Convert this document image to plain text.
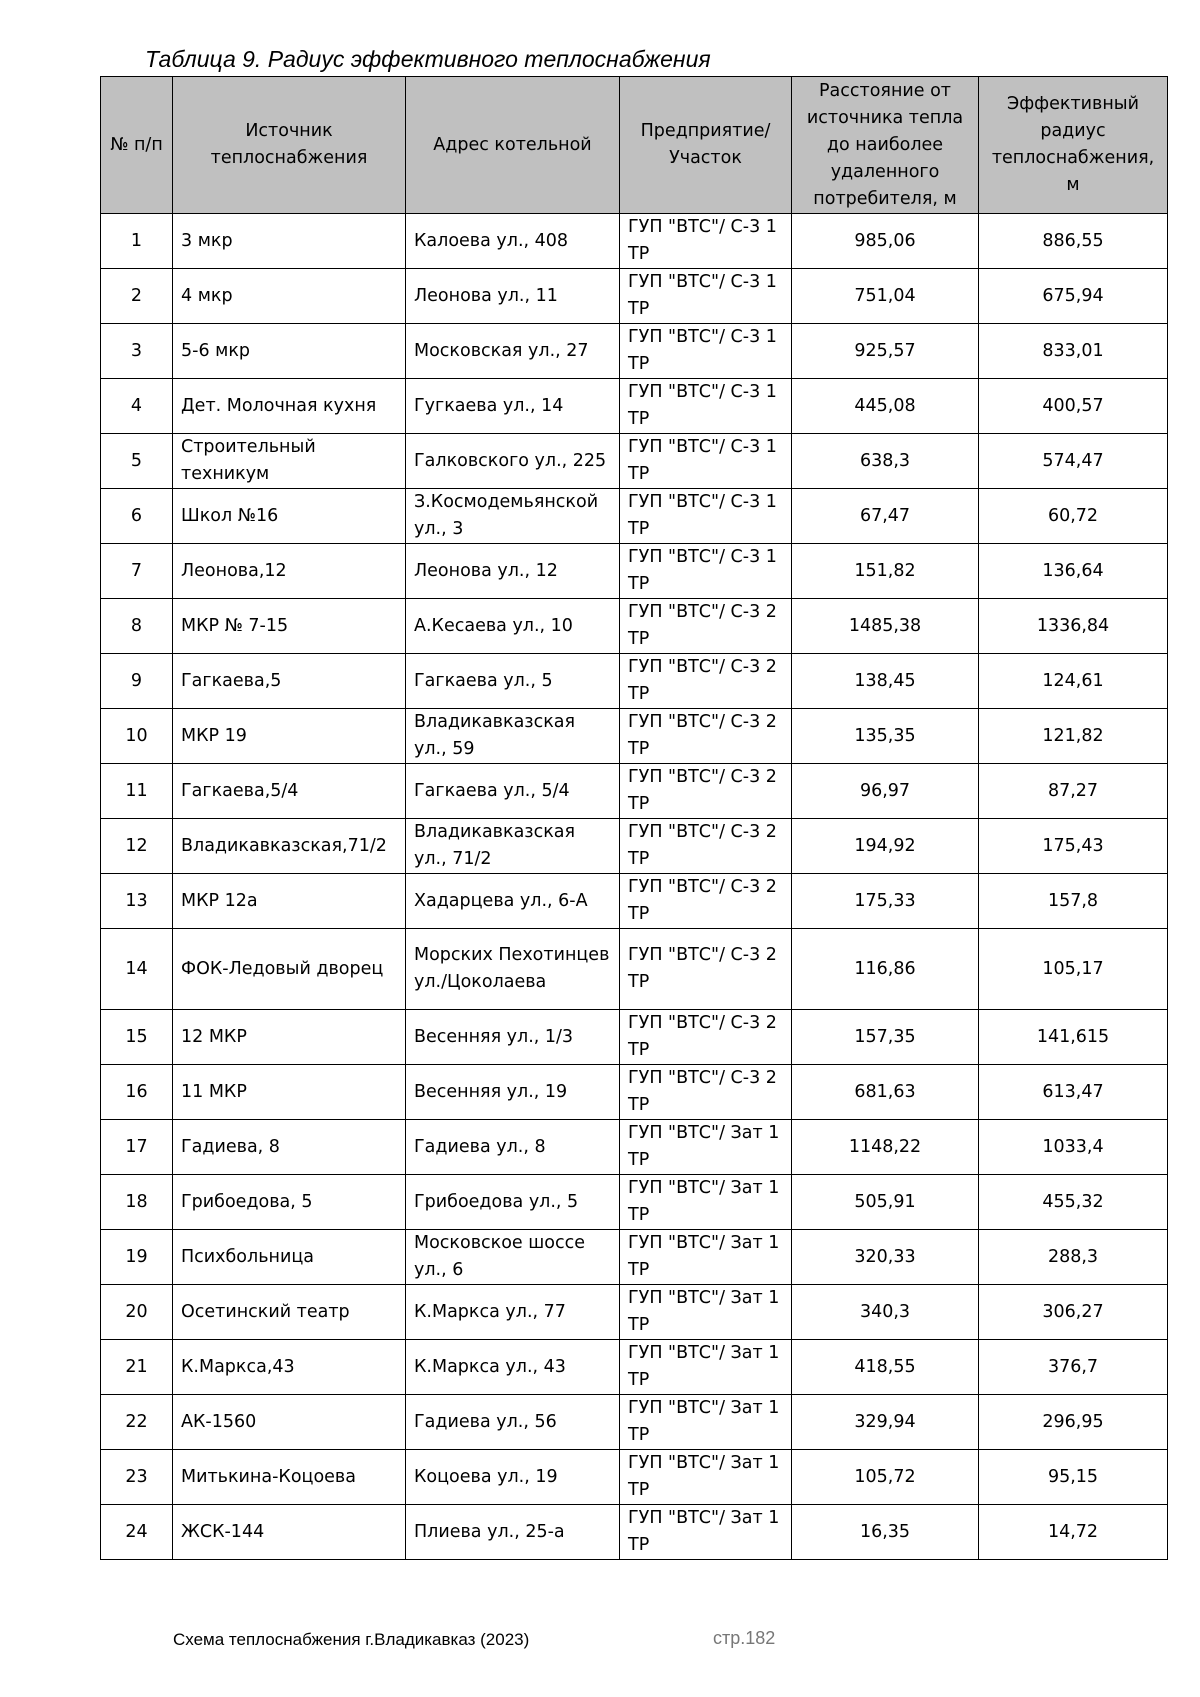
Таблица 9. Радиус эффективного теплоснабжения
№ п/п	Источник теплоснабжения	Адрес котельной	Предприятие/ Участок	Расстояние от источника тепла до наиболее удаленного потребителя, м	Эффективный радиус теплоснабжения, м
1	3 мкр	Калоева ул., 408	ГУП "ВТС"/ С-3 1 ТР	985,06	886,55
2	4 мкр	Леонова ул., 11	ГУП "ВТС"/ С-3 1 ТР	751,04	675,94
3	5-6 мкр	Московская ул., 27	ГУП "ВТС"/ С-3 1 ТР	925,57	833,01
4	Дет. Молочная кухня	Гугкаева ул., 14	ГУП "ВТС"/ С-3 1 ТР	445,08	400,57
5	Строительный техникум	Галковского ул., 225	ГУП "ВТС"/ С-3 1 ТР	638,3	574,47
6	Школ №16	З.Космодемьянской ул., 3	ГУП "ВТС"/ С-3 1 ТР	67,47	60,72
7	Леонова,12	Леонова ул., 12	ГУП "ВТС"/ С-3 1 ТР	151,82	136,64
8	МКР № 7-15	А.Кесаева ул., 10	ГУП "ВТС"/ С-3 2 ТР	1485,38	1336,84
9	Гагкаева,5	Гагкаева ул., 5	ГУП "ВТС"/ С-3 2 ТР	138,45	124,61
10	МКР 19	Владикавказская ул., 59	ГУП "ВТС"/ С-3 2 ТР	135,35	121,82
11	Гагкаева,5/4	Гагкаева ул., 5/4	ГУП "ВТС"/ С-3 2 ТР	96,97	87,27
12	Владикавказская,71/2	Владикавказская ул., 71/2	ГУП "ВТС"/ С-3 2 ТР	194,92	175,43
13	МКР 12а	Хадарцева ул., 6-А	ГУП "ВТС"/ С-3 2 ТР	175,33	157,8
14	ФОК-Ледовый дворец	Морских Пехотинцев ул./Цоколаева	ГУП "ВТС"/ С-3 2 ТР	116,86	105,17
15	12 МКР	Весенняя ул., 1/3	ГУП "ВТС"/ С-3 2 ТР	157,35	141,615
16	11 МКР	Весенняя ул., 19	ГУП "ВТС"/ С-3 2 ТР	681,63	613,47
17	Гадиева, 8	Гадиева ул., 8	ГУП "ВТС"/ Зат 1 ТР	1148,22	1033,4
18	Грибоедова, 5	Грибоедова ул., 5	ГУП "ВТС"/ Зат 1 ТР	505,91	455,32
19	Психбольница	Московское шоссе ул., 6	ГУП "ВТС"/ Зат 1 ТР	320,33	288,3
20	Осетинский театр	К.Маркса ул., 77	ГУП "ВТС"/ Зат 1 ТР	340,3	306,27
21	К.Маркса,43	К.Маркса ул., 43	ГУП "ВТС"/ Зат 1 ТР	418,55	376,7
22	АК-1560	Гадиева ул., 56	ГУП "ВТС"/ Зат 1 ТР	329,94	296,95
23	Митькина-Коцоева	Коцоева ул., 19	ГУП "ВТС"/ Зат 1 ТР	105,72	95,15
24	ЖСК-144	Плиева ул., 25-а	ГУП "ВТС"/ Зат 1 ТР	16,35	14,72
Схема теплоснабжения г.Владикавказ (2023)	стр.182
